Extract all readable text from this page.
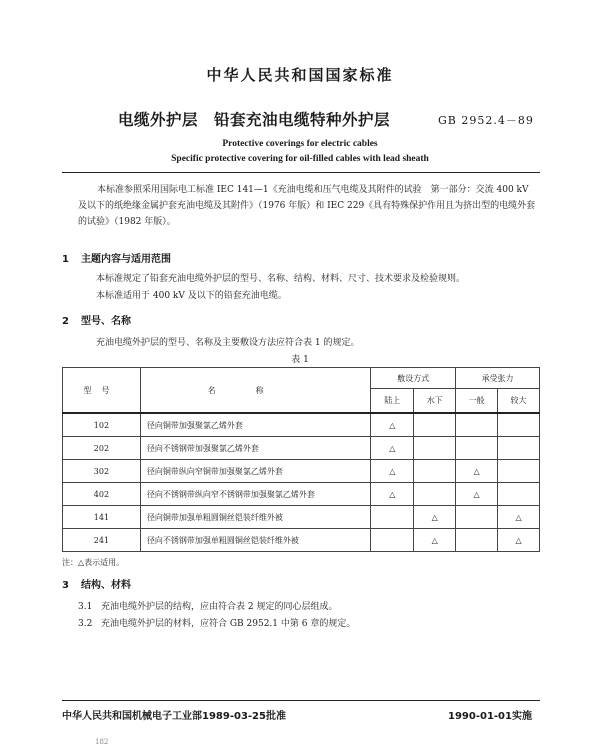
中华人民共和国国家标准
电缆外护层 铅套充油电缆特种外护层	GB 2952.4－89
Protective coverings for electric cables
Specific protective covering for oil-filled cables with lead sheath
本标准参照采用国际电工标准 IEC 141—1《充油电缆和压气电缆及其附件的试验　第一部分：交流 400 kV 及以下的纸绝缘金属护套充油电缆及其附件》（1976 年版）和 IEC 229《具有特殊保护作用且为挤出型的电缆外套的试验》（1982 年版）。
1 主题内容与适用范围
本标准规定了铅套充油电缆外护层的型号、名称、结构、材料、尺寸、技术要求及检验规则。
本标准适用于 400 kV 及以下的铅套充油电缆。
2 型号、名称
充油电缆外护层的型号、名称及主要敷设方法应符合表 1 的规定。
表 1
型号	名称	敷设方式		承受张力	
		陆上	水下	一般	较大
102	径向铜带加强聚氯乙烯外套	△			
202	径向不锈钢带加强聚氯乙烯外套	△			
302	径向铜带纵向窄铜带加强聚氯乙烯外套	△		△	
402	径向不锈钢带纵向窄不锈钢带加强聚氯乙烯外套	△		△	
141	径向铜带加强单粗圆铜丝铠装纤维外被		△		△
241	径向不锈钢带加强单粗圆铜丝铠装纤维外被		△		△
注：△表示适用。
3 结构、材料
3.1 充油电缆外护层的结构，应由符合表 2 规定的同心层组成。
3.2 充油电缆外护层的材料，应符合 GB 2952.1 中第 6 章的规定。
中华人民共和国机械电子工业部1989-03-25批准	1990-01-01实施
182
